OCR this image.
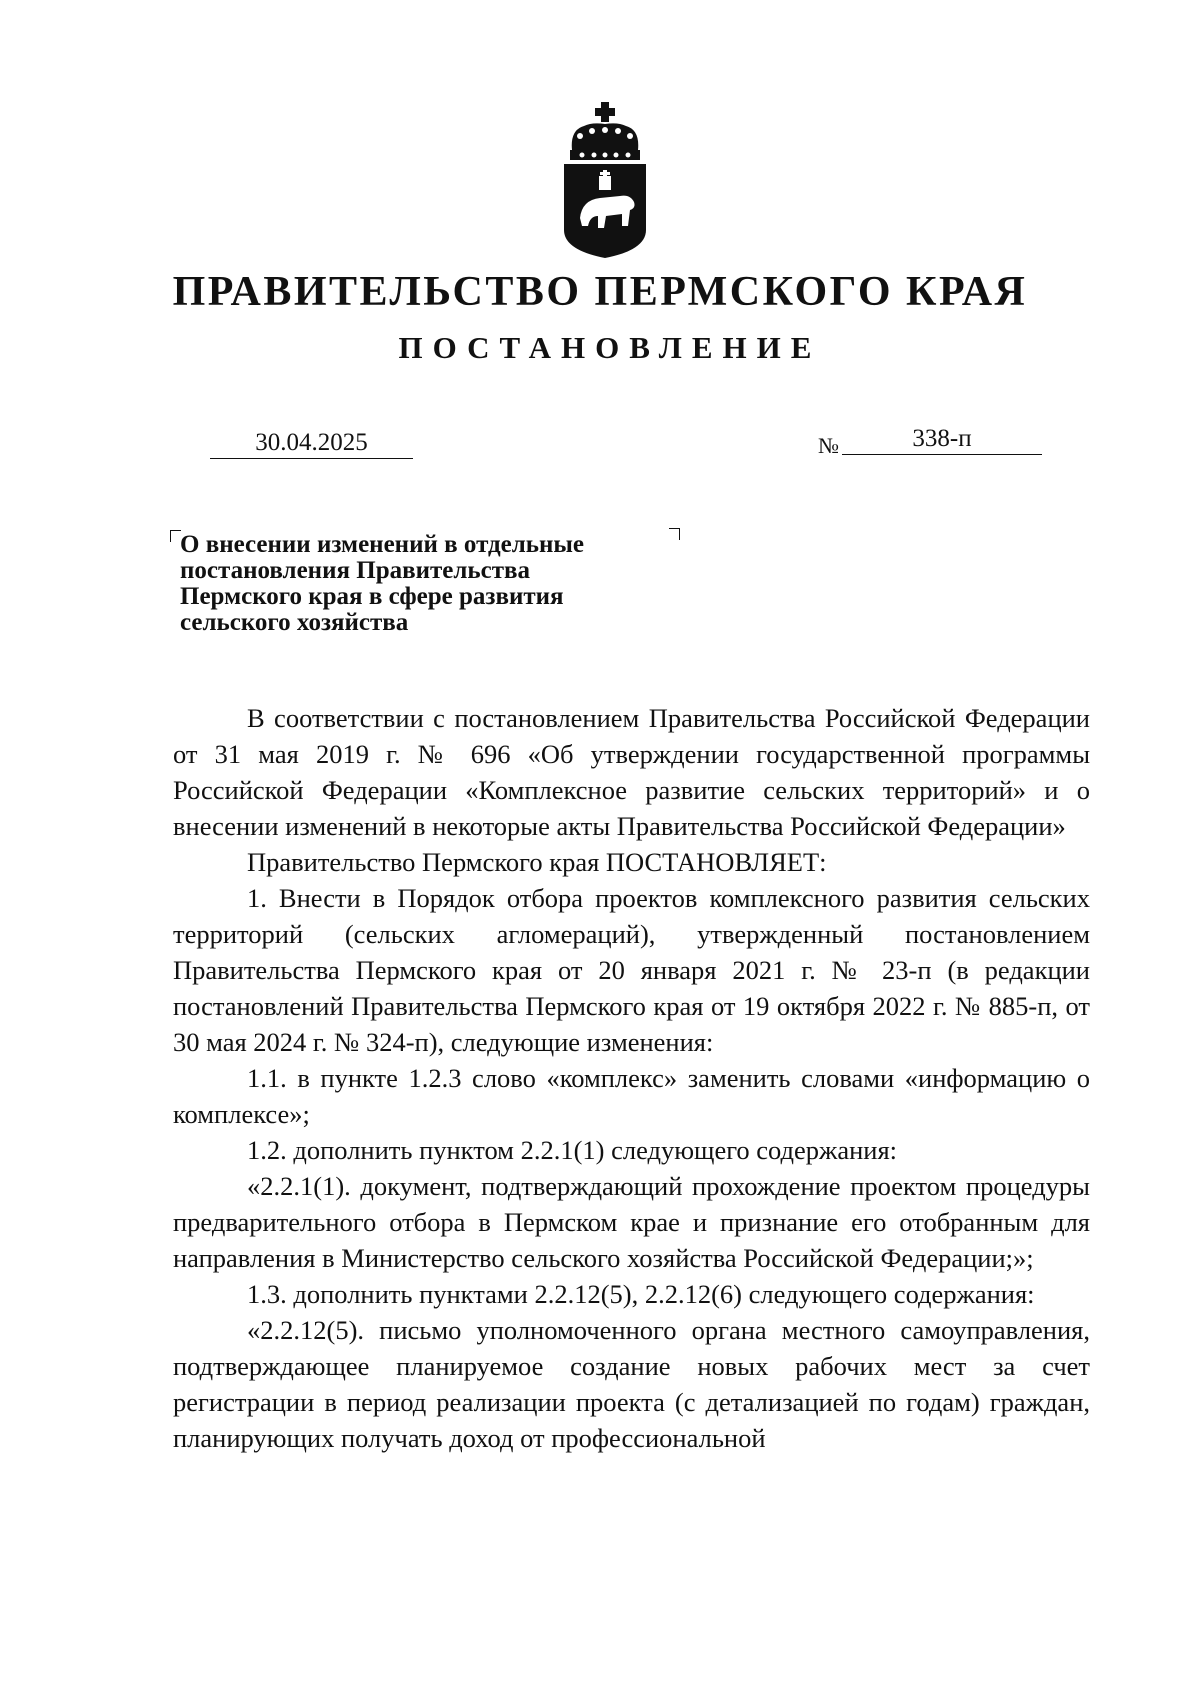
ПРАВИТЕЛЬСТВО ПЕРМСКОГО КРАЯ
ПОСТАНОВЛЕНИЕ
30.04.2025	№	338-п
О внесении изменений в отдельные
постановления Правительства
Пермского края в сфере развития
сельского хозяйства

В соответствии с постановлением Правительства Российской Федерации от 31 мая 2019 г. № 696 «Об утверждении государственной программы Российской Федерации «Комплексное развитие сельских территорий» и о внесении изменений в некоторые акты Правительства Российской Федерации»

Правительство Пермского края ПОСТАНОВЛЯЕТ:

1. Внести в Порядок отбора проектов комплексного развития сельских территорий (сельских агломераций), утвержденный постановлением Правительства Пермского края от 20 января 2021 г. № 23-п (в редакции постановлений Правительства Пермского края от 19 октября 2022 г. № 885-п, от 30 мая 2024 г. № 324-п), следующие изменения:

1.1. в пункте 1.2.3 слово «комплекс» заменить словами «информацию о комплексе»;

1.2. дополнить пунктом 2.2.1(1) следующего содержания:

«2.2.1(1). документ, подтверждающий прохождение проектом процедуры предварительного отбора в Пермском крае и признание его отобранным для направления в Министерство сельского хозяйства Российской Федерации;»;

1.3. дополнить пунктами 2.2.12(5), 2.2.12(6) следующего содержания:

«2.2.12(5). письмо уполномоченного органа местного самоуправления, подтверждающее планируемое создание новых рабочих мест за счет регистрации в период реализации проекта (с детализацией по годам) граждан, планирующих получать доход от профессиональной
